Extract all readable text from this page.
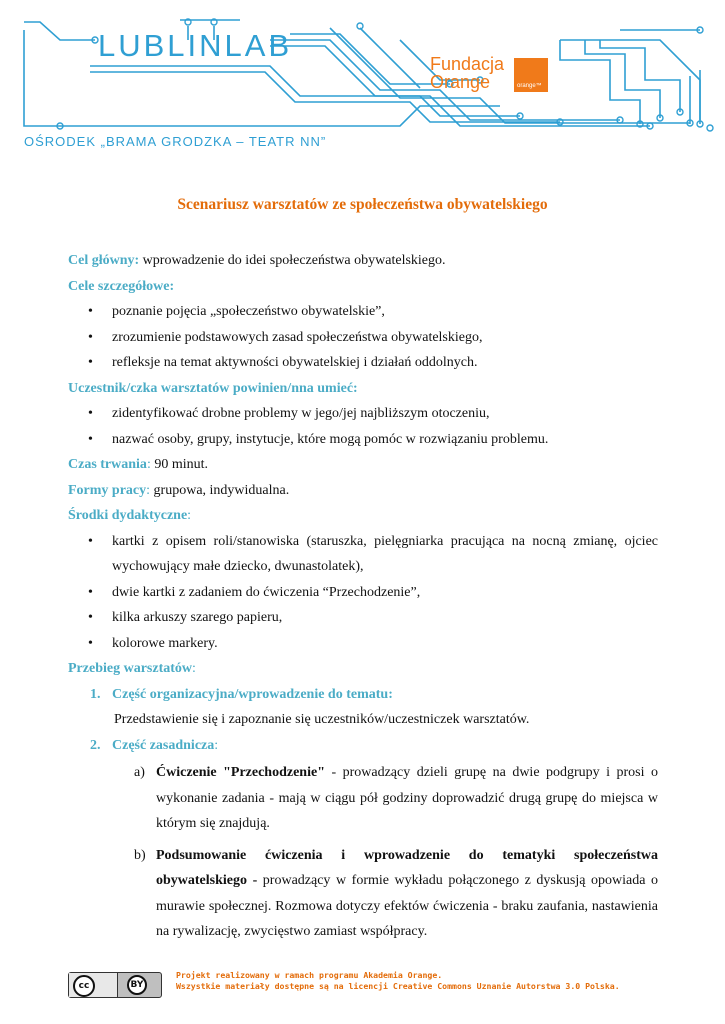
LUBLINLAB
OŚRODEK „BRAMA GRODZKA – TEATR NN”
Fundacja
Orange	orange™
Scenariusz warsztatów ze społeczeństwa obywatelskiego

Cel główny: wprowadzenie do idei społeczeństwa obywatelskiego.

Cele szczegółowe:

• poznanie pojęcia „społeczeństwo obywatelskie”,
• zrozumienie podstawowych zasad społeczeństwa obywatelskiego,
• refleksje na temat aktywności obywatelskiej i działań oddolnych.

Uczestnik/czka warsztatów powinien/nna umieć:

• zidentyfikować drobne problemy w jego/jej najbliższym otoczeniu,
• nazwać osoby, grupy, instytucje, które mogą pomóc w rozwiązaniu problemu.

Czas trwania: 90 minut.

Formy pracy: grupowa, indywidualna.

Środki dydaktyczne:

• kartki z opisem roli/stanowiska (staruszka, pielęgniarka pracująca na nocną zmianę, ojciec wychowujący małe dziecko, dwunastolatek),
• dwie kartki z zadaniem do ćwiczenia “Przechodzenie”,
• kilka arkuszy szarego papieru,
• kolorowe markery.

Przebieg warsztatów:

1. Część organizacyjna/wprowadzenie do tematu:
Przedstawienie się i zapoznanie się uczestników/uczestniczek warsztatów.
2. Część zasadnicza:
a) Ćwiczenie "Przechodzenie" - prowadzący dzieli grupę na dwie podgrupy i prosi o wykonanie zadania - mają w ciągu pół godziny doprowadzić drugą grupę do miejsca w którym się znajdują.
b) Podsumowanie ćwiczenia i wprowadzenie do tematyki społeczeństwa obywatelskiego - prowadzący w formie wykładu połączonego z dyskusją opowiada o murawie społecznej. Rozmowa dotyczy efektów ćwiczenia - braku zaufania, nastawienia na rywalizację, zwycięstwo zamiast współpracy.
cc	BY
Projekt realizowany w ramach programu Akademia Orange.
Wszystkie materiały dostępne są na licencji Creative Commons Uznanie Autorstwa 3.0 Polska.
